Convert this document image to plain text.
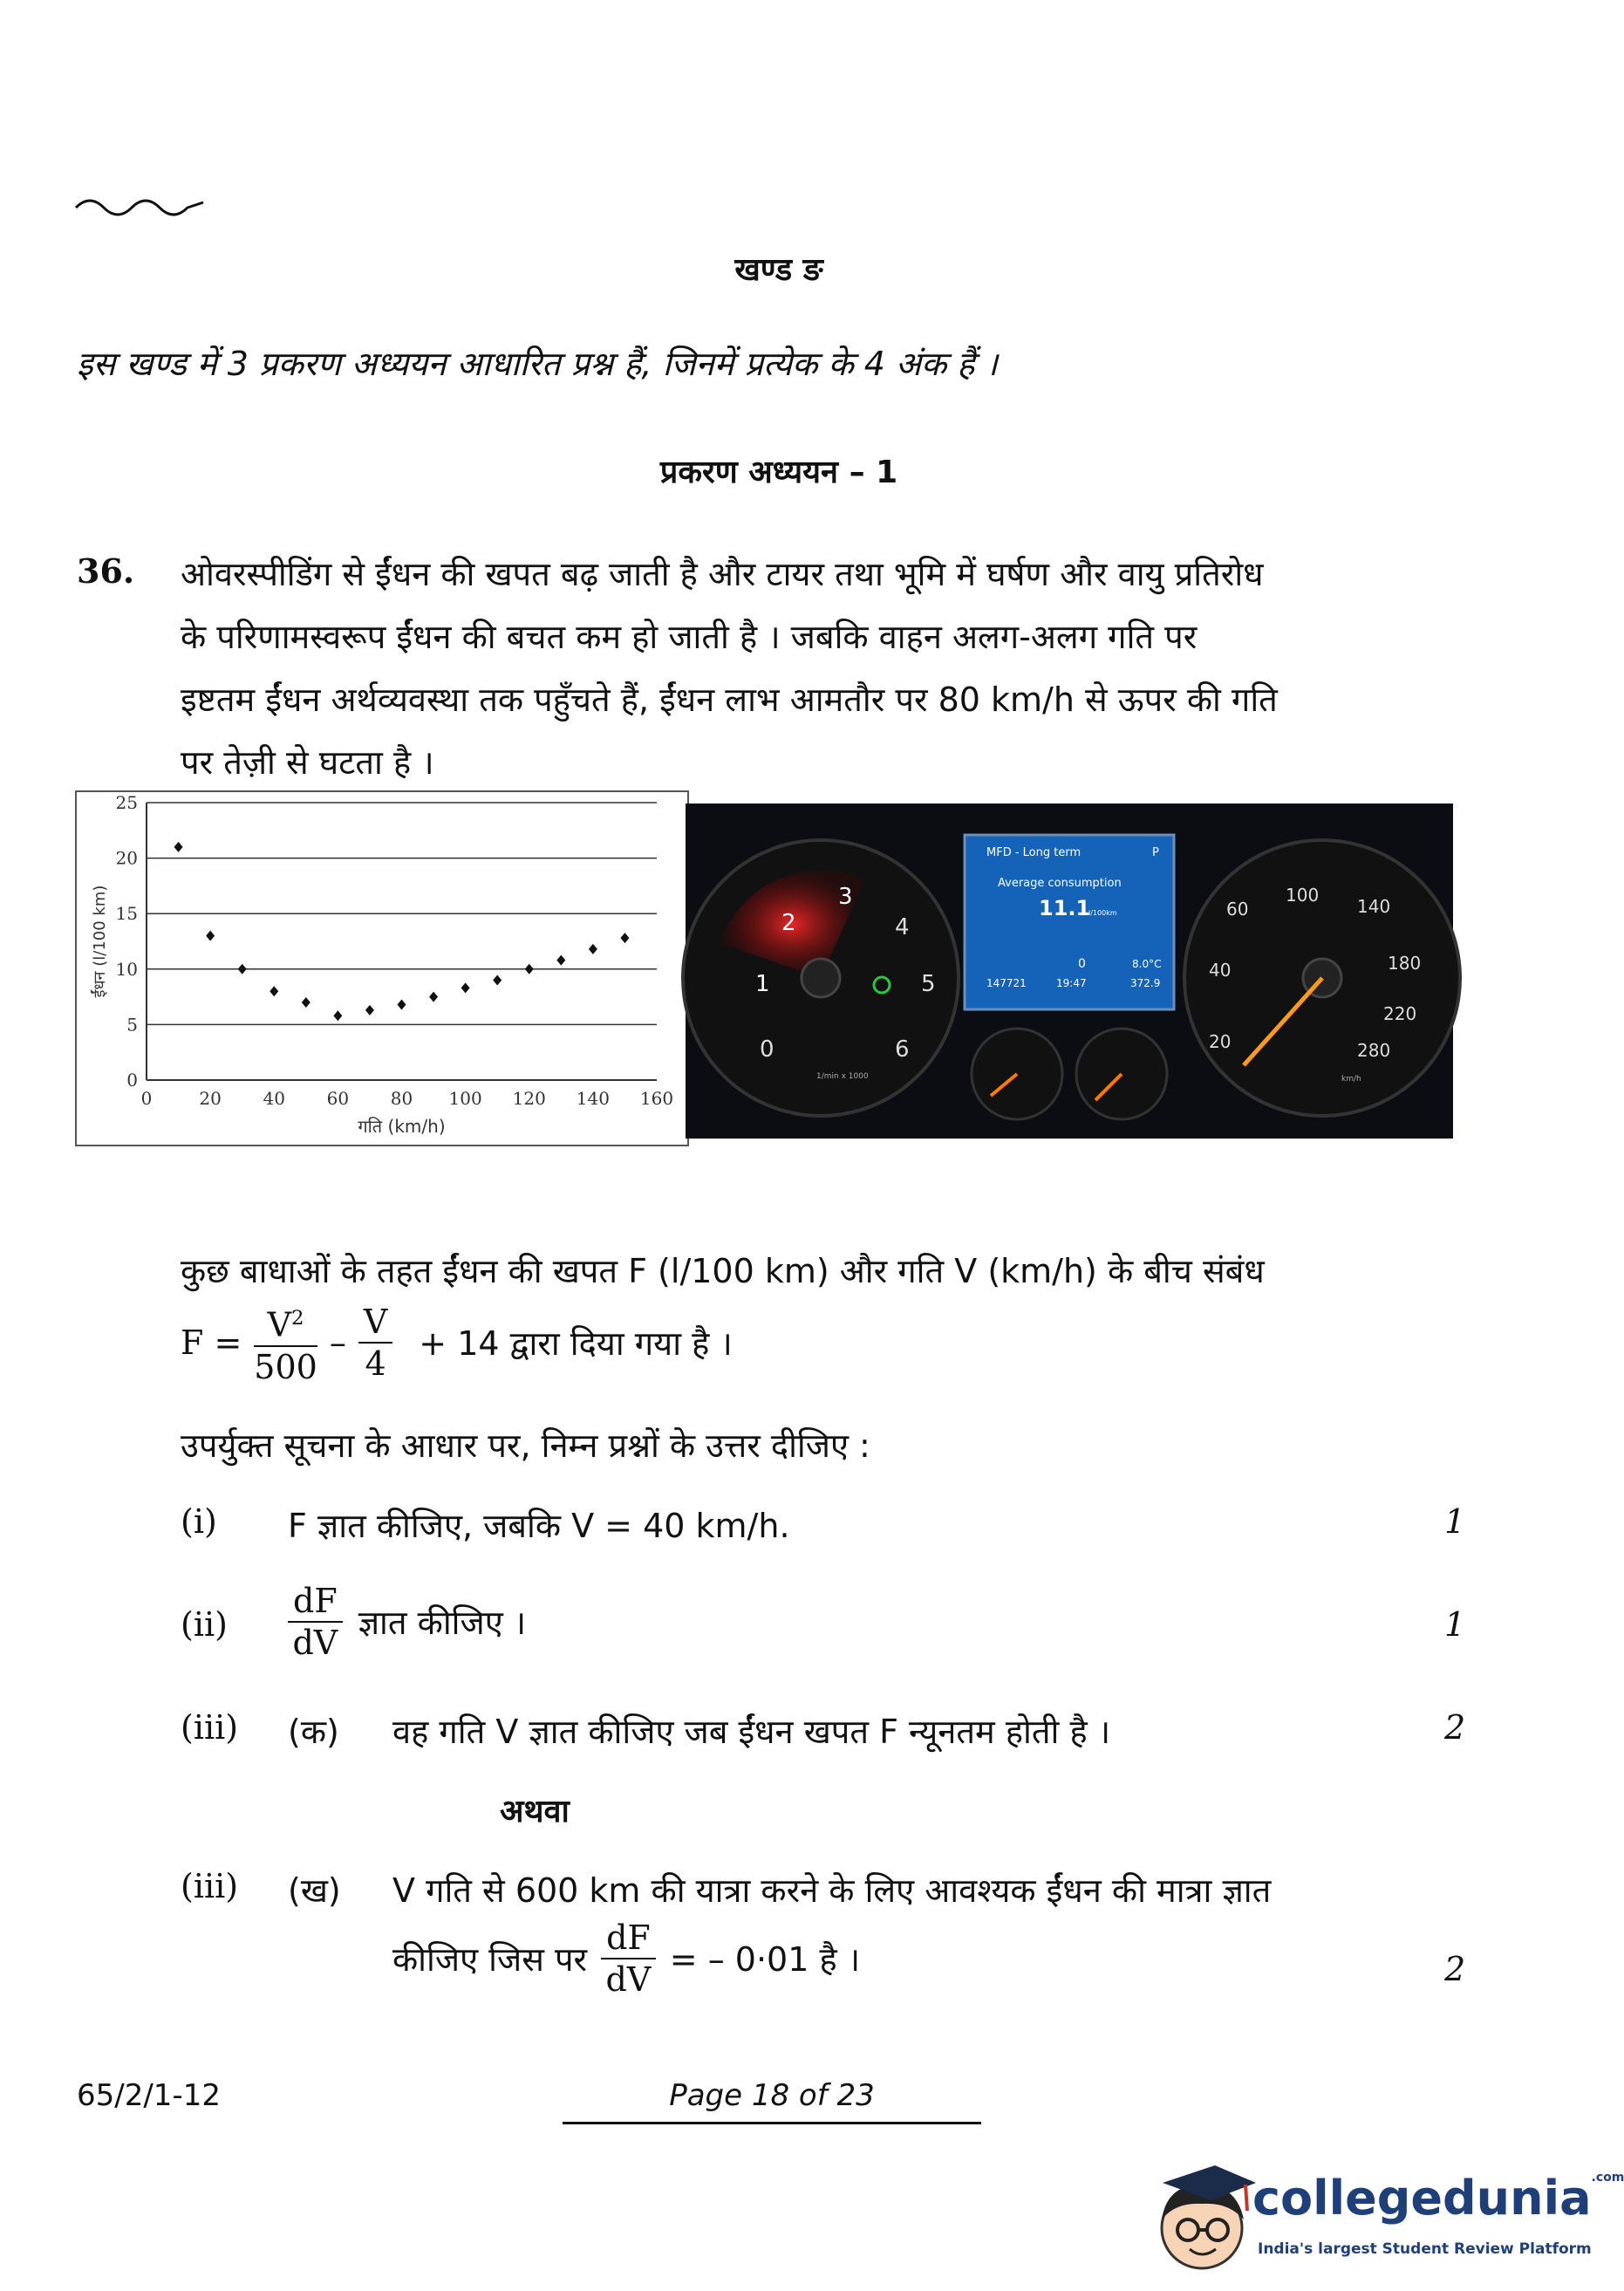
खण्ड ङ
इस खण्ड में 3 प्रकरण अध्ययन आधारित प्रश्न हैं, जिनमें प्रत्येक के 4 अंक हैं ।
प्रकरण अध्ययन – 1
36. ओवरस्पीडिंग से ईंधन की खपत बढ़ जाती है और टायर तथा भूमि में घर्षण और वायु प्रतिरोध
के परिणामस्वरूप ईंधन की बचत कम हो जाती है । जबकि वाहन अलग-अलग गति पर
इष्टतम ईंधन अर्थव्यवस्था तक पहुँचते हैं, ईंधन लाभ आमतौर पर 80 km/h से ऊपर की गति
पर तेज़ी से घटता है ।
0
5
10
15
20
25
0	20 40 60 80 100 120 140 160
गति (km/h)
ईंधन (l/100 km)
0
1
2
3
4
5
6
1/min x 1000
MFD - Long term	P
Average consumption
11.1
l/100km
0	8.0°C
147721	19:47	372.9
20
40
60
100
140
180
220
280
km/h
कुछ बाधाओं के तहत ईंधन की खपत F (l/100 km) और गति V (km/h) के बीच संबंध
$F = \frac{V^2}{500} - \frac{V}{4} + 14$ द्वारा दिया गया है ।
उपर्युक्त सूचना के आधार पर, निम्न प्रश्नों के उत्तर दीजिए :
(i) F ज्ञात कीजिए, जबकि V = 40 km/h.	1
$(ii) \frac{dF}{dV}$ ज्ञात कीजिए ।	1
(iii) (क) वह गति V ज्ञात कीजिए जब ईंधन खपत F न्यूनतम होती है ।	2
अथवा
(iii) (ख) V गति से 600 km की यात्रा करने के लिए आवश्यक ईंधन की मात्रा ज्ञात
कीजिए जिस पर $\frac{dF}{dV}$ = – 0·01 है ।	2
65/2/1-12	Page 18 of 23
collegedunia$^{.com}$
India's largest Student Review Platform
